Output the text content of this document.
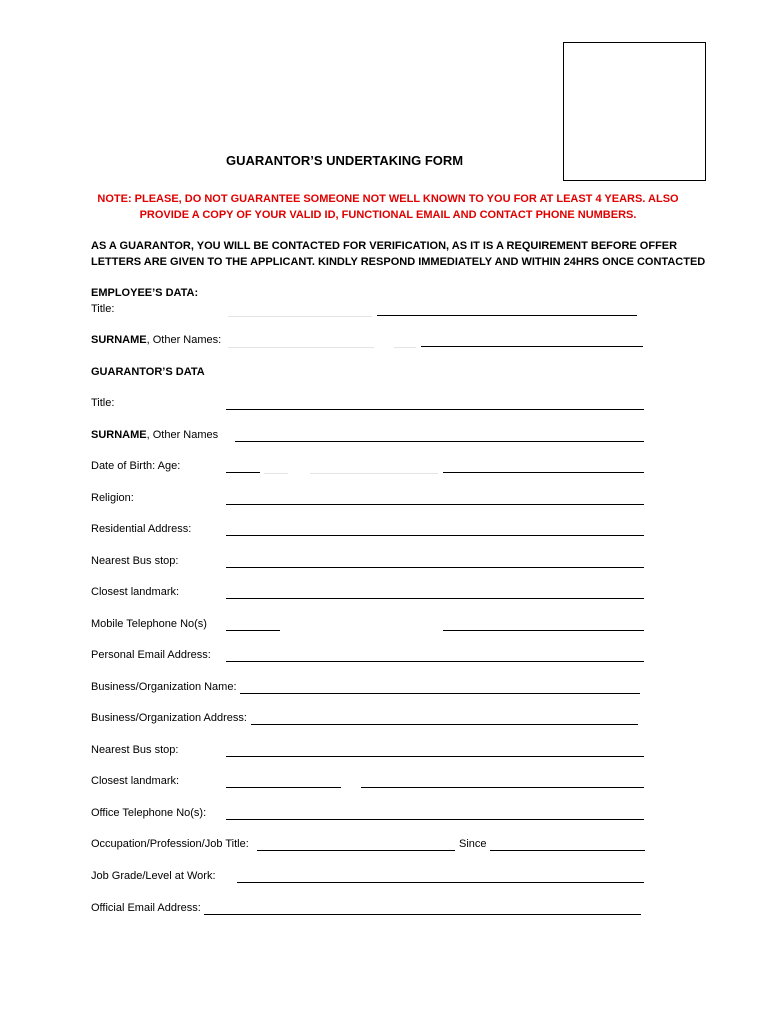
GUARANTOR’S UNDERTAKING FORM
NOTE: PLEASE, DO NOT GUARANTEE SOMEONE NOT WELL KNOWN TO YOU FOR AT LEAST 4 YEARS. ALSO
PROVIDE A COPY OF YOUR VALID ID, FUNCTIONAL EMAIL AND CONTACT PHONE NUMBERS.
AS A GUARANTOR, YOU WILL BE CONTACTED FOR VERIFICATION, AS IT IS A REQUIREMENT BEFORE OFFER
LETTERS ARE GIVEN TO THE APPLICANT. KINDLY RESPOND IMMEDIATELY AND WITHIN 24HRS ONCE CONTACTED
EMPLOYEE’S DATA:
Title:
SURNAME, Other Names:
GUARANTOR’S DATA
Title:
SURNAME, Other Names
Date of Birth: Age:
Religion:
Residential Address:
Nearest Bus stop:
Closest landmark:
Mobile Telephone No(s)
Personal Email Address:
Business/Organization Name:
Business/Organization Address:
Nearest Bus stop:
Closest landmark:
Office Telephone No(s):
Occupation/Profession/Job Title:	Since
Job Grade/Level at Work:
Official Email Address:
